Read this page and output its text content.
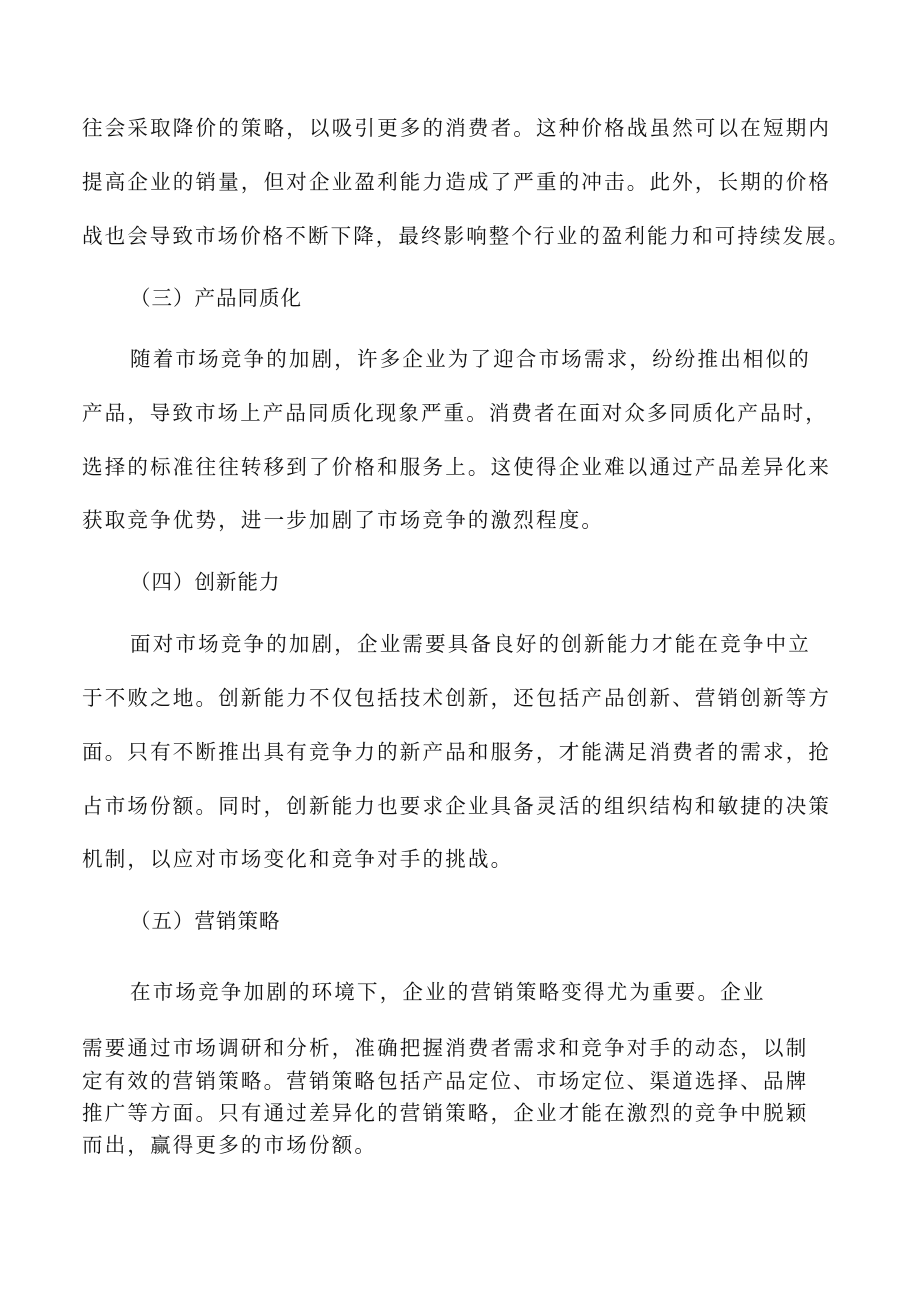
往会采取降价的策略，以吸引更多的消费者。这种价格战虽然可以在短期内
提高企业的销量，但对企业盈利能力造成了严重的冲击。此外，长期的价格
战也会导致市场价格不断下降，最终影响整个行业的盈利能力和可持续发展。
（三）产品同质化
随着市场竞争的加剧，许多企业为了迎合市场需求，纷纷推出相似的
产品，导致市场上产品同质化现象严重。消费者在面对众多同质化产品时，
选择的标准往往转移到了价格和服务上。这使得企业难以通过产品差异化来
获取竞争优势，进一步加剧了市场竞争的激烈程度。
（四）创新能力
面对市场竞争的加剧，企业需要具备良好的创新能力才能在竞争中立
于不败之地。创新能力不仅包括技术创新，还包括产品创新、营销创新等方
面。只有不断推出具有竞争力的新产品和服务，才能满足消费者的需求，抢
占市场份额。同时，创新能力也要求企业具备灵活的组织结构和敏捷的决策
机制，以应对市场变化和竞争对手的挑战。
（五）营销策略
在市场竞争加剧的环境下，企业的营销策略变得尤为重要。企业
需要通过市场调研和分析，准确把握消费者需求和竞争对手的动态，以制
定有效的营销策略。营销策略包括产品定位、市场定位、渠道选择、品牌
推广等方面。只有通过差异化的营销策略，企业才能在激烈的竞争中脱颖
而出，赢得更多的市场份额。
